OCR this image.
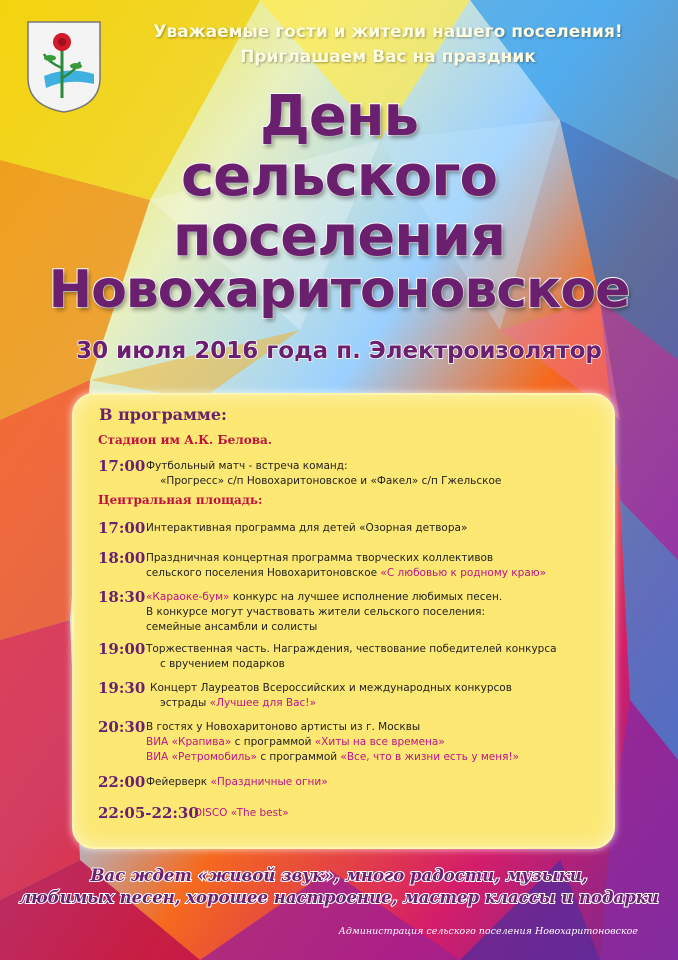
Уважаемые гости и жители нашего поселения!
Приглашаем Вас на праздник
День
сельского
поселения
Новохаритоновское
30 июля 2016 года п. Электроизолятор
В программе:
Стадион им А.К. Белова.
17:00 Футбольный матч - встреча команд:
«Прогресс» с/п Новохаритоновское и «Факел» с/п Гжельское
Центральная площадь:
17:00 Интерактивная программа для детей «Озорная детвора»
18:00 Праздничная концертная программа творческих коллективов
сельского поселения Новохаритоновское «С любовью к родному краю»
18:30 «Караоке-бум» конкурс на лучшее исполнение любимых песен.
В конкурсе могут участвовать жители сельского поселения:
семейные ансамбли и солисты
19:00 Торжественная часть. Награждения, чествование победителей конкурса
с вручением подарков
19:30 Концерт Лауреатов Всероссийских и международных конкурсов
эстрады «Лучшее для Вас!»
20:30 В гостях у Новохаритоново артисты из г. Москвы
ВИА «Крапива» с программой «Хиты на все времена»
ВИА «Ретромобиль» с программой «Все, что в жизни есть у меня!»
22:00 Фейерверк «Праздничные огни»
22:05-22:30
DISCO «The best»
Вас ждет «живой звук», много радости, музыки,
любимых песен, хорошее настроение, мастер классы и подарки
Администрация сельского поселения Новохаритоновское
